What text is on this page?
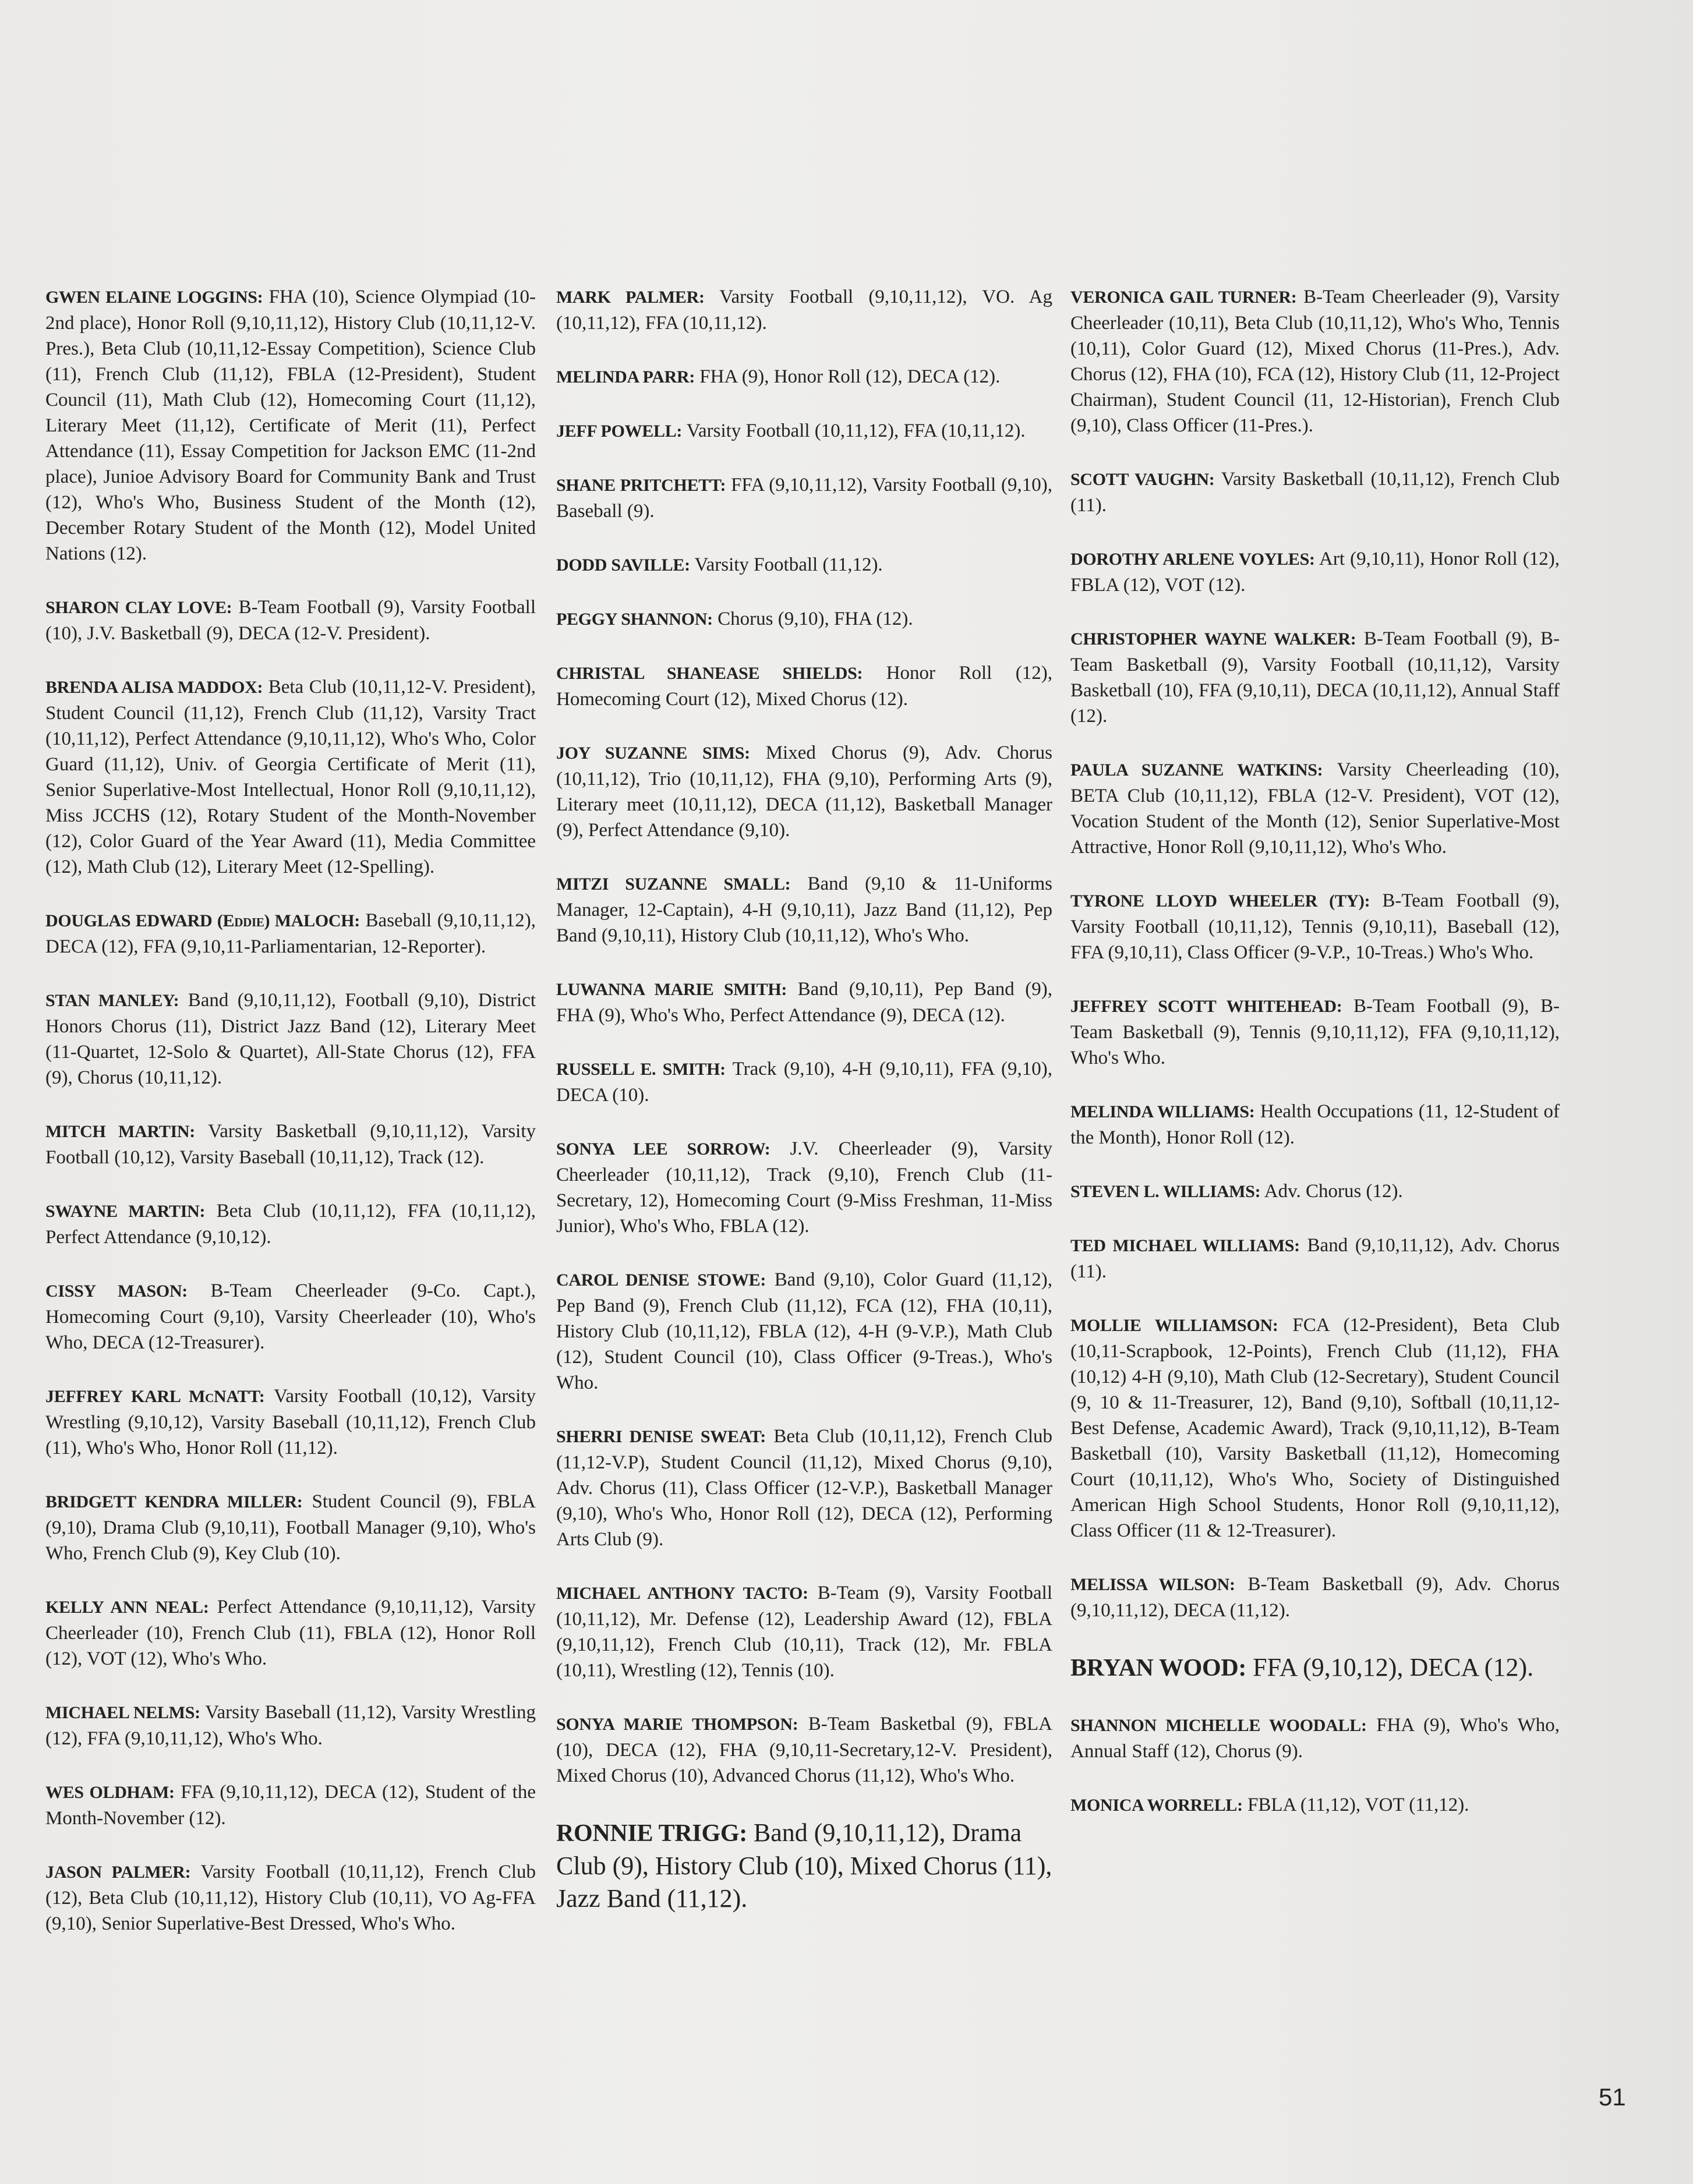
GWEN ELAINE LOGGINS: FHA (10), Science Olympiad (10-2nd place), Honor Roll (9,10,11,12), History Club (10,11,12-V. Pres.), Beta Club (10,11,12-Essay Competition), Science Club (11), French Club (11,12), FBLA (12-President), Student Council (11), Math Club (12), Homecoming Court (11,12), Literary Meet (11,12), Certificate of Merit (11), Perfect Attendance (11), Essay Competition for Jackson EMC (11-2nd place), Junioe Advisory Board for Community Bank and Trust (12), Who's Who, Business Student of the Month (12), December Rotary Student of the Month (12), Model United Nations (12).

SHARON CLAY LOVE: B-Team Football (9), Varsity Football (10), J.V. Basketball (9), DECA (12-V. President).

BRENDA ALISA MADDOX: Beta Club (10,11,12-V. President), Student Council (11,12), French Club (11,12), Varsity Tract (10,11,12), Perfect Attendance (9,10,11,12), Who's Who, Color Guard (11,12), Univ. of Georgia Certificate of Merit (11), Senior Superlative-Most Intellectual, Honor Roll (9,10,11,12), Miss JCCHS (12), Rotary Student of the Month-November (12), Color Guard of the Year Award (11), Media Committee (12), Math Club (12), Literary Meet (12-Spelling).

DOUGLAS EDWARD (Eddie) MALOCH: Baseball (9,10,11,12), DECA (12), FFA (9,10,11-Parliamentarian, 12-Reporter).

STAN MANLEY: Band (9,10,11,12), Football (9,10), District Honors Chorus (11), District Jazz Band (12), Literary Meet (11-Quartet, 12-Solo & Quartet), All-State Chorus (12), FFA (9), Chorus (10,11,12).

MITCH MARTIN: Varsity Basketball (9,10,11,12), Varsity Football (10,12), Varsity Baseball (10,11,12), Track (12).

SWAYNE MARTIN: Beta Club (10,11,12), FFA (10,11,12), Perfect Attendance (9,10,12).

CISSY MASON: B-Team Cheerleader (9-Co. Capt.), Homecoming Court (9,10), Varsity Cheerleader (10), Who's Who, DECA (12-Treasurer).

JEFFREY KARL McNATT: Varsity Football (10,12), Varsity Wrestling (9,10,12), Varsity Baseball (10,11,12), French Club (11), Who's Who, Honor Roll (11,12).

BRIDGETT KENDRA MILLER: Student Council (9), FBLA (9,10), Drama Club (9,10,11), Football Manager (9,10), Who's Who, French Club (9), Key Club (10).

KELLY ANN NEAL: Perfect Attendance (9,10,11,12), Varsity Cheerleader (10), French Club (11), FBLA (12), Honor Roll (12), VOT (12), Who's Who.

MICHAEL NELMS: Varsity Baseball (11,12), Varsity Wrestling (12), FFA (9,10,11,12), Who's Who.

WES OLDHAM: FFA (9,10,11,12), DECA (12), Student of the Month-November (12).

JASON PALMER: Varsity Football (10,11,12), French Club (12), Beta Club (10,11,12), History Club (10,11), VO Ag-FFA (9,10), Senior Superlative-Best Dressed, Who's Who.

MARK PALMER: Varsity Football (9,10,11,12), VO. Ag (10,11,12), FFA (10,11,12).

MELINDA PARR: FHA (9), Honor Roll (12), DECA (12).

JEFF POWELL: Varsity Football (10,11,12), FFA (10,11,12).

SHANE PRITCHETT: FFA (9,10,11,12), Varsity Football (9,10), Baseball (9).

DODD SAVILLE: Varsity Football (11,12).

PEGGY SHANNON: Chorus (9,10), FHA (12).

CHRISTAL SHANEASE SHIELDS: Honor Roll (12), Homecoming Court (12), Mixed Chorus (12).

JOY SUZANNE SIMS: Mixed Chorus (9), Adv. Chorus (10,11,12), Trio (10,11,12), FHA (9,10), Performing Arts (9), Literary meet (10,11,12), DECA (11,12), Basketball Manager (9), Perfect Attendance (9,10).

MITZI SUZANNE SMALL: Band (9,10 & 11-Uniforms Manager, 12-Captain), 4-H (9,10,11), Jazz Band (11,12), Pep Band (9,10,11), History Club (10,11,12), Who's Who.

LUWANNA MARIE SMITH: Band (9,10,11), Pep Band (9), FHA (9), Who's Who, Perfect Attendance (9), DECA (12).

RUSSELL E. SMITH: Track (9,10), 4-H (9,10,11), FFA (9,10), DECA (10).

SONYA LEE SORROW: J.V. Cheerleader (9), Varsity Cheerleader (10,11,12), Track (9,10), French Club (11-Secretary, 12), Homecoming Court (9-Miss Freshman, 11-Miss Junior), Who's Who, FBLA (12).

CAROL DENISE STOWE: Band (9,10), Color Guard (11,12), Pep Band (9), French Club (11,12), FCA (12), FHA (10,11), History Club (10,11,12), FBLA (12), 4-H (9-V.P.), Math Club (12), Student Council (10), Class Officer (9-Treas.), Who's Who.

SHERRI DENISE SWEAT: Beta Club (10,11,12), French Club (11,12-V.P), Student Council (11,12), Mixed Chorus (9,10), Adv. Chorus (11), Class Officer (12-V.P.), Basketball Manager (9,10), Who's Who, Honor Roll (12), DECA (12), Performing Arts Club (9).

MICHAEL ANTHONY TACTO: B-Team (9), Varsity Football (10,11,12), Mr. Defense (12), Leadership Award (12), FBLA (9,10,11,12), French Club (10,11), Track (12), Mr. FBLA (10,11), Wrestling (12), Tennis (10).

SONYA MARIE THOMPSON: B-Team Basketbal (9), FBLA (10), DECA (12), FHA (9,10,11-Secretary,12-V. President), Mixed Chorus (10), Advanced Chorus (11,12), Who's Who.

RONNIE TRIGG: Band (9,10,11,12), Drama Club (9), History Club (10), Mixed Chorus (11), Jazz Band (11,12).

VERONICA GAIL TURNER: B-Team Cheerleader (9), Varsity Cheerleader (10,11), Beta Club (10,11,12), Who's Who, Tennis (10,11), Color Guard (12), Mixed Chorus (11-Pres.), Adv. Chorus (12), FHA (10), FCA (12), History Club (11, 12-Project Chairman), Student Council (11, 12-Historian), French Club (9,10), Class Officer (11-Pres.).

SCOTT VAUGHN: Varsity Basketball (10,11,12), French Club (11).

DOROTHY ARLENE VOYLES: Art (9,10,11), Honor Roll (12), FBLA (12), VOT (12).

CHRISTOPHER WAYNE WALKER: B-Team Football (9), B-Team Basketball (9), Varsity Football (10,11,12), Varsity Basketball (10), FFA (9,10,11), DECA (10,11,12), Annual Staff (12).

PAULA SUZANNE WATKINS: Varsity Cheerleading (10), BETA Club (10,11,12), FBLA (12-V. President), VOT (12), Vocation Student of the Month (12), Senior Superlative-Most Attractive, Honor Roll (9,10,11,12), Who's Who.

TYRONE LLOYD WHEELER (TY): B-Team Football (9), Varsity Football (10,11,12), Tennis (9,10,11), Baseball (12), FFA (9,10,11), Class Officer (9-V.P., 10-Treas.) Who's Who.

JEFFREY SCOTT WHITEHEAD: B-Team Football (9), B-Team Basketball (9), Tennis (9,10,11,12), FFA (9,10,11,12), Who's Who.

MELINDA WILLIAMS: Health Occupations (11, 12-Student of the Month), Honor Roll (12).

STEVEN L. WILLIAMS: Adv. Chorus (12).

TED MICHAEL WILLIAMS: Band (9,10,11,12), Adv. Chorus (11).

MOLLIE WILLIAMSON: FCA (12-President), Beta Club (10,11-Scrapbook, 12-Points), French Club (11,12), FHA (10,12) 4-H (9,10), Math Club (12-Secretary), Student Council (9, 10 & 11-Treasurer, 12), Band (9,10), Softball (10,11,12-Best Defense, Academic Award), Track (9,10,11,12), B-Team Basketball (10), Varsity Basketball (11,12), Homecoming Court (10,11,12), Who's Who, Society of Distinguished American High School Students, Honor Roll (9,10,11,12), Class Officer (11 & 12-Treasurer).

MELISSA WILSON: B-Team Basketball (9), Adv. Chorus (9,10,11,12), DECA (11,12).

BRYAN WOOD: FFA (9,10,12), DECA (12).

SHANNON MICHELLE WOODALL: FHA (9), Who's Who, Annual Staff (12), Chorus (9).

MONICA WORRELL: FBLA (11,12), VOT (11,12).

51
